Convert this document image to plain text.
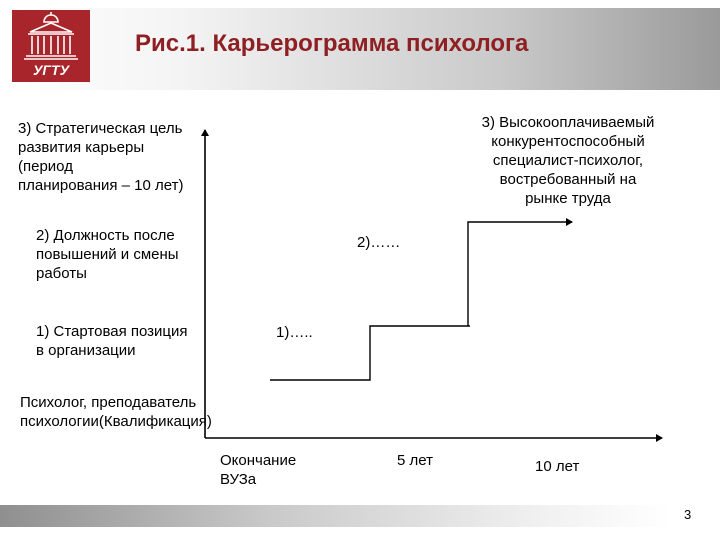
УГТУ
Рис.1. Карьерограмма психолога
3) Стратегическая цель
развития карьеры
(период
планирования – 10 лет)
2) Должность после
повышений и смены
работы
1) Стартовая позиция
в организации
Психолог, преподаватель
психологии(Квалификация)
3) Высокооплачиваемый
конкурентоспособный
специалист-психолог,
востребованный на
рынке труда
2)……
1)…..
Окончание
ВУЗа
5 лет	10 лет
3
